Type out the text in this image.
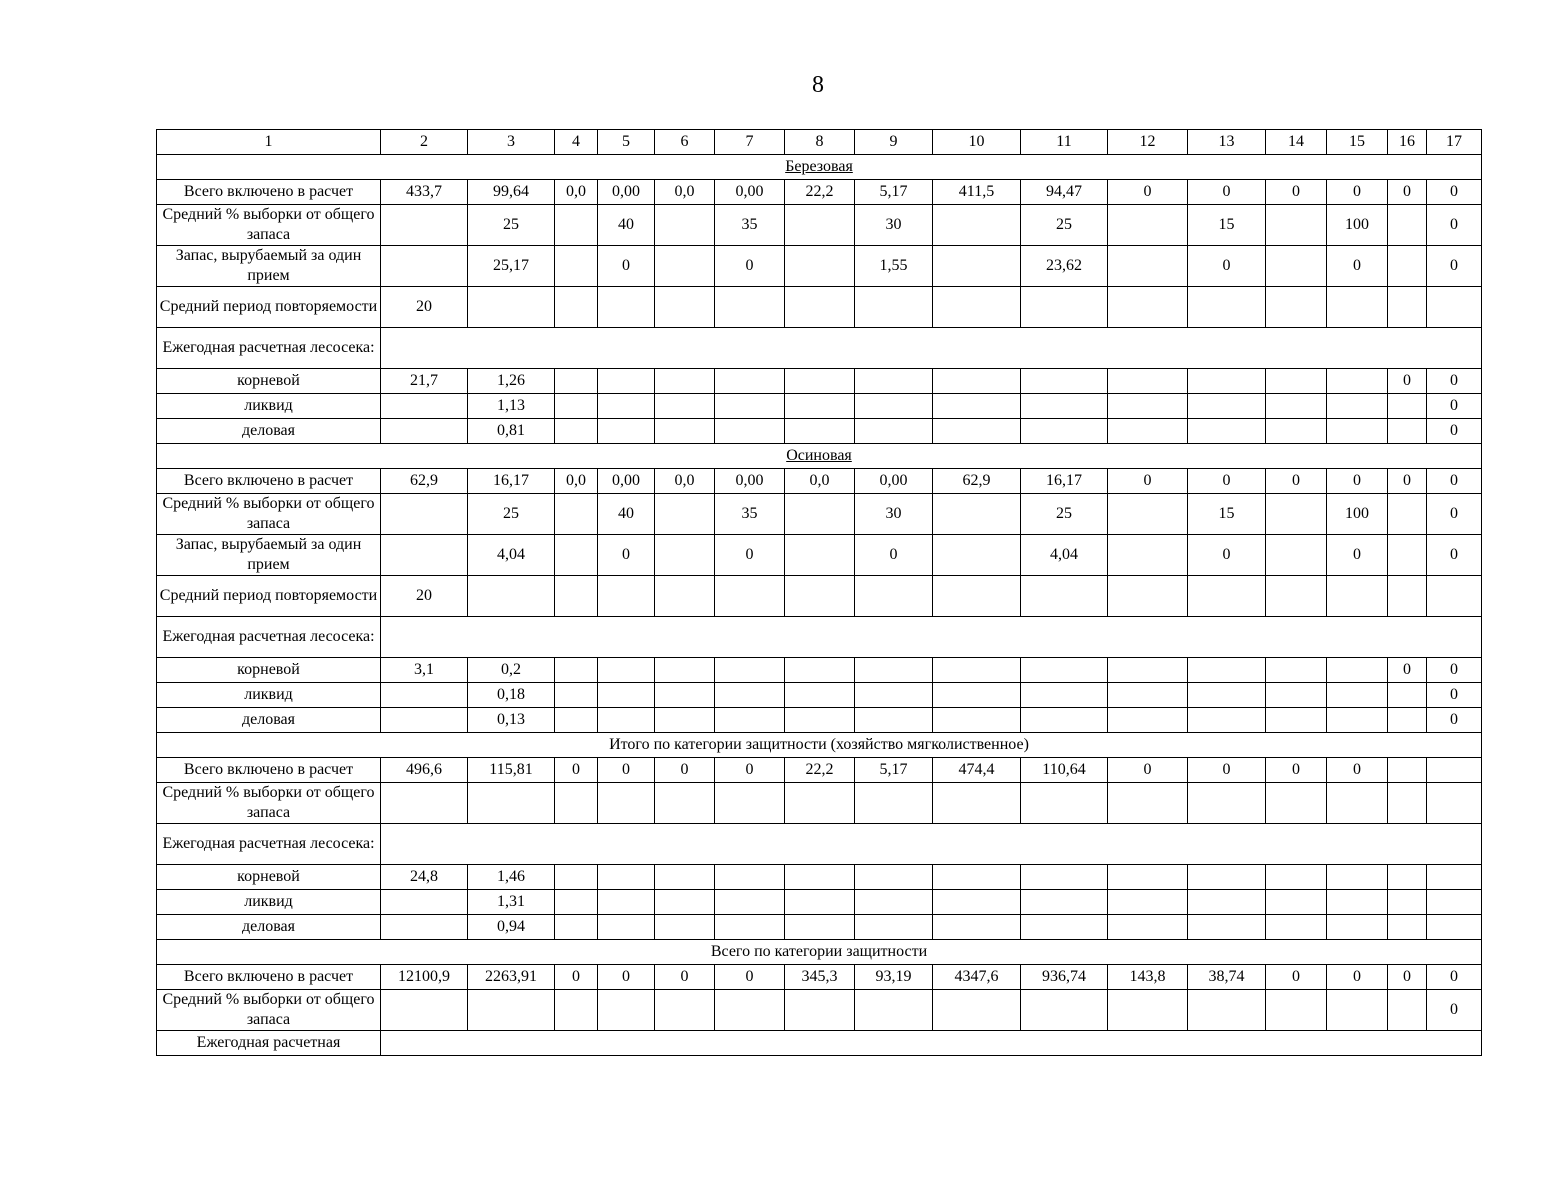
8
1	2	3	4	5	6	7	8	9	10	11	12	13	14	15	16	17
Березовая																
Всего включено в расчет	433,7	99,64	0,0	0,00	0,0	0,00	22,2	5,17	411,5	94,47	0	0	0	0	0	0
Средний % выборки от общего запаса		25		40		35		30		25		15		100		0
Запас, вырубаемый за один прием		25,17		0		0		1,55		23,62		0		0		0
Средний период повторяемости	20															
Ежегодная расчетная лесосека:																
корневой	21,7	1,26													0	0
ликвид		1,13														0
деловая		0,81														0
Осиновая																
Всего включено в расчет	62,9	16,17	0,0	0,00	0,0	0,00	0,0	0,00	62,9	16,17	0	0	0	0	0	0
Средний % выборки от общего запаса		25		40		35		30		25		15		100		0
Запас, вырубаемый за один прием		4,04		0		0		0		4,04		0		0		0
Средний период повторяемости	20															
Ежегодная расчетная лесосека:																
корневой	3,1	0,2													0	0
ликвид		0,18														0
деловая		0,13														0
Итого по категории защитности (хозяйство мягколиственное)																
Всего включено в расчет	496,6	115,81	0	0	0	0	22,2	5,17	474,4	110,64	0	0	0	0		
Средний % выборки от общего запаса																
Ежегодная расчетная лесосека:																
корневой	24,8	1,46														
ликвид		1,31														
деловая		0,94														
Всего по категории защитности																
Всего включено в расчет	12100,9	2263,91	0	0	0	0	345,3	93,19	4347,6	936,74	143,8	38,74	0	0	0	0
Средний % выборки от общего запаса																0
Ежегодная расчетная																
